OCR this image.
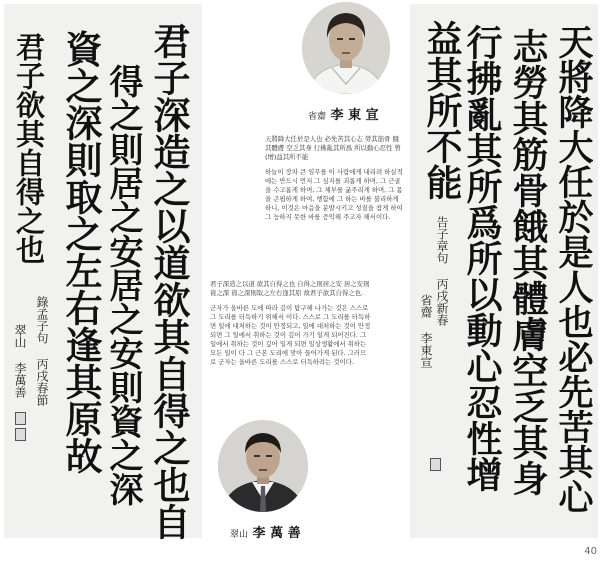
君子深造之以道欲其自得之也自
得之則居之安居之安則資之深
資之深則取之左右逢其原故
君子欲其自得之也
錄孟子句 丙戌春節
翠山 李萬善	天將降大任於是人也必先苦其心
志勞其筋骨餓其體膚空乏其身
行拂亂其所爲所以動心忍性增
益其所不能
告子章句 丙戌新春
省齋 李東宣
省齋 李 東 宣

天將降大任於是人也 必先苦其心志 勞其筋骨 餓其體膚 空乏其身 行拂亂其所爲 所以動心忍性 曾(增)益其所不能

하늘이 장차 큰 임무를 이 사람에게 내리려 하실적에는 반드시 먼저 그 심지를 괴롭게 하며, 그 근골을 수고롭게 하며, 그 체부를 굶주리게 하며, 그 몸을 곤핍하게 하여, 행함에 그 하는 바를 불리하게 하니, 이것은 마음을 분발시키고 성질을 참게 하여 그 능하지 못한 바를 증익해 주고자 해서이다.

君子深造之以道 欲其自得之也 自得之則居之安 居之安則資之深 資之深則取之左右逢其原 故君子欲其自得之也.

군자가 올바른 도에 따라 깊이 탐구해 나가는 것은 스스로 그 도리를 터득하기 위해서 이다. 스스로 그 도리를 터득하면 일에 대처하는 것이 안정되고, 일에 대처하는 것이 안정되면 그 일에서 취하는 것이 깊어 가기 일게 되어진다. 그 일에서 취하는 것이 깊어 일게 되면 일상생활에서 취하는 모든 일이 다 그 근본 도리에 맞아 들어가게 된다. 그러므로 군자는 올바른 도리를 스스로 터득하려는 것이다.

翠山 李 萬 善
40
